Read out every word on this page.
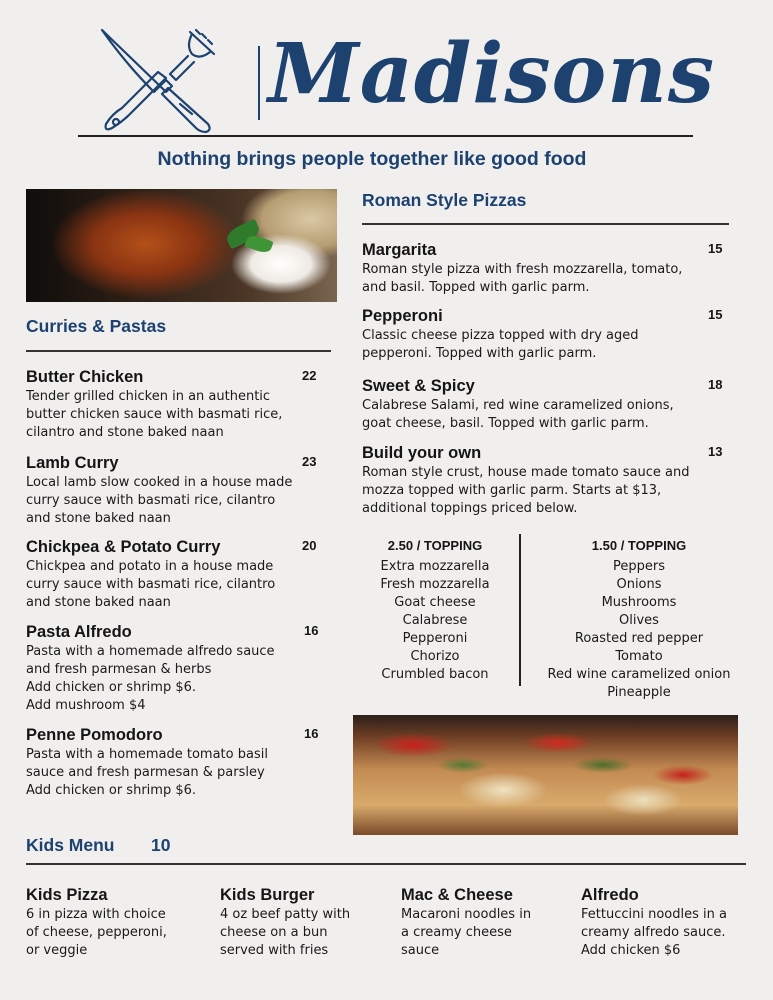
Madisons
Nothing brings people together like good food
Curries & Pastas
Butter Chicken	22
Tender grilled chicken in an authentic
butter chicken sauce with basmati rice,
cilantro and stone baked naan
Lamb Curry	23
Local lamb slow cooked in a house made
curry sauce with basmati rice, cilantro
and stone baked naan
Chickpea & Potato Curry	20
Chickpea and potato in a house made
curry sauce with basmati rice, cilantro
and stone baked naan
Pasta Alfredo	16
Pasta with a homemade alfredo sauce
and fresh parmesan & herbs
Add chicken or shrimp $6.
Add mushroom $4
Penne Pomodoro	16
Pasta with a homemade tomato basil
sauce and fresh parmesan & parsley
Add chicken or shrimp $6.
Roman Style Pizzas
Margarita	15
Roman style pizza with fresh mozzarella, tomato,
and basil. Topped with garlic parm.
Pepperoni	15
Classic cheese pizza topped with dry aged
pepperoni. Topped with garlic parm.
Sweet & Spicy	18
Calabrese Salami, red wine caramelized onions,
goat cheese, basil. Topped with garlic parm.
Build your own	13
Roman style crust, house made tomato sauce and
mozza topped with garlic parm. Starts at $13,
additional toppings priced below.
2.50 / TOPPING
Extra mozzarella
Fresh mozzarella
Goat cheese
Calabrese
Pepperoni
Chorizo
Crumbled bacon
1.50 / TOPPING
Peppers
Onions
Mushrooms
Olives
Roasted red pepper
Tomato
Red wine caramelized onion
Pineapple
Kids Menu 10
Kids Pizza
6 in pizza with choice
of cheese, pepperoni,
or veggie
Kids Burger
4 oz beef patty with
cheese on a bun
served with fries
Mac & Cheese
Macaroni noodles in
a creamy cheese
sauce
Alfredo
Fettuccini noodles in a
creamy alfredo sauce.
Add chicken $6
